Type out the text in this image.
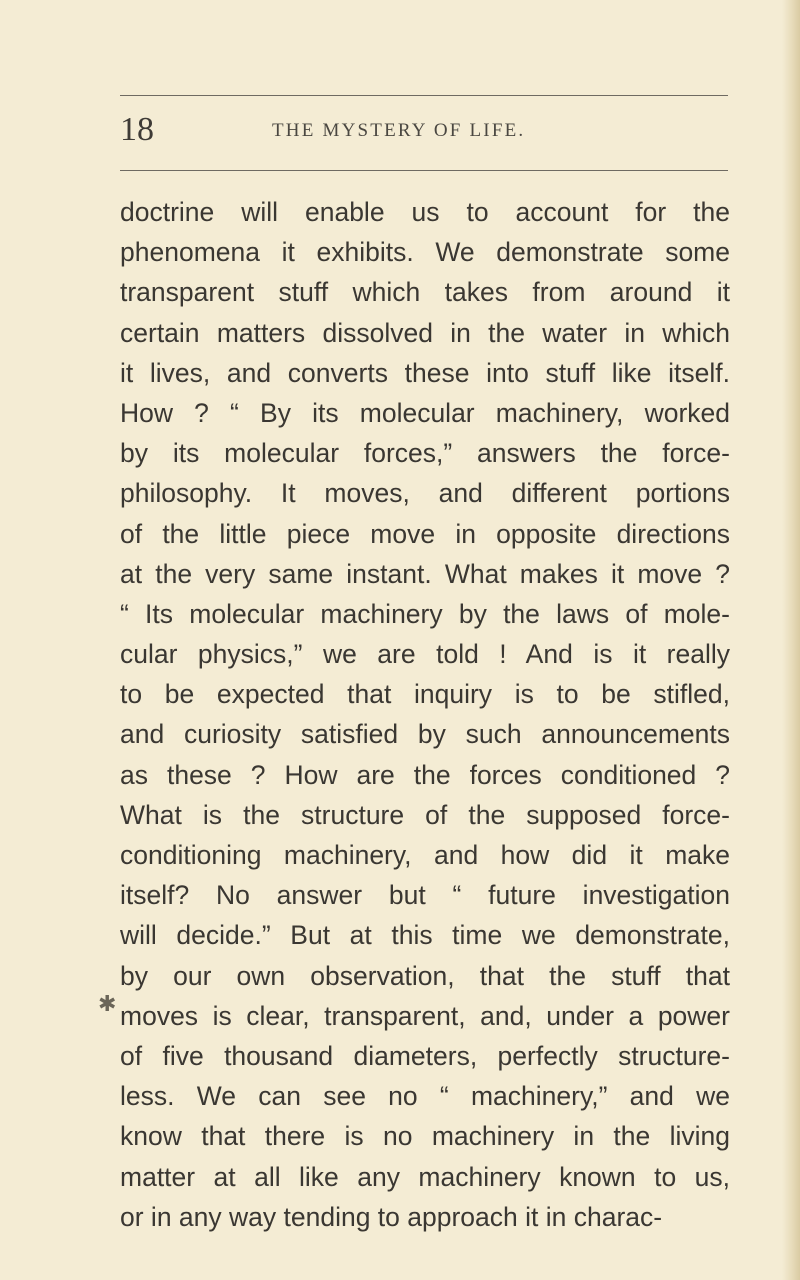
18	THE MYSTERY OF LIFE.
✱
doctrine will enable us to account for the
phenomena it exhibits. We demonstrate some
transparent stuff which takes from around it
certain matters dissolved in the water in which
it lives, and converts these into stuff like itself.
How ? “ By its molecular machinery, worked
by its molecular forces,” answers the force-
philosophy. It moves, and different portions
of the little piece move in opposite directions
at the very same instant. What makes it move ?
“ Its molecular machinery by the laws of mole-
cular physics,” we are told ! And is it really
to be expected that inquiry is to be stifled,
and curiosity satisfied by such announcements
as these ? How are the forces conditioned ?
What is the structure of the supposed force-
conditioning machinery, and how did it make
itself? No answer but “ future investigation
will decide.” But at this time we demonstrate,
by our own observation, that the stuff that
moves is clear, transparent, and, under a power
of five thousand diameters, perfectly structure-
less. We can see no “ machinery,” and we
know that there is no machinery in the living
matter at all like any machinery known to us,
or in any way tending to approach it in charac-
